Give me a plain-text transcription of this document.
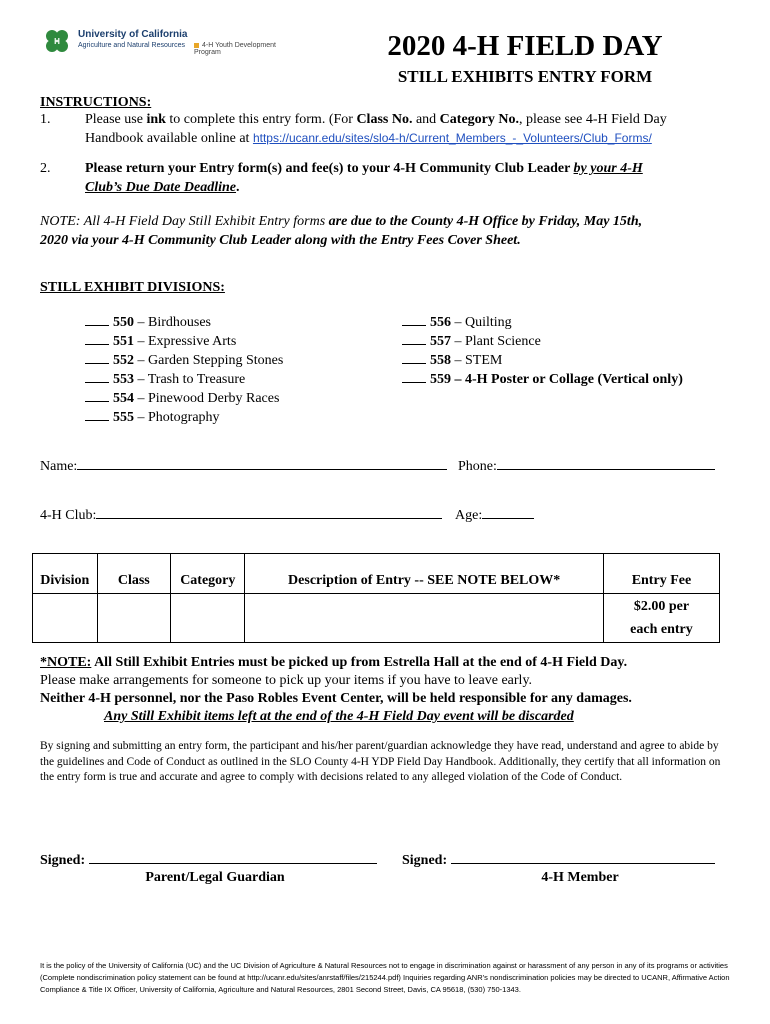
H
University of California
Agriculture and Natural Resources	4-H Youth Development Program	2020 4-H FIELD DAY
STILL EXHIBITS ENTRY FORM
INSTRUCTIONS:
1. Please use ink to complete this entry form. (For Class No. and Category No., please see 4-H Field Day
Handbook available online at https://ucanr.edu/sites/slo4-h/Current_Members_-_Volunteers/Club_Forms/
2. Please return your Entry form(s) and fee(s) to your 4-H Community Club Leader by your 4-H
Club’s Due Date Deadline.
NOTE: All 4-H Field Day Still Exhibit Entry forms are due to the County 4-H Office by Friday, May 15th,
2020 via your 4-H Community Club Leader along with the Entry Fees Cover Sheet.
STILL EXHIBIT DIVISIONS:
550 – Birdhouses
551 – Expressive Arts
552 – Garden Stepping Stones
553 – Trash to Treasure
554 – Pinewood Derby Races
555 – Photography
556 – Quilting
557 – Plant Science
558 – STEM
559 – 4-H Poster or Collage (Vertical only)
Name:	Phone:
4-H Club:	Age:
Division	Class	Category	Description of Entry -- SEE NOTE BELOW*	Entry Fee
				$2.00 per
each entry
*NOTE: All Still Exhibit Entries must be picked up from Estrella Hall at the end of 4-H Field Day.
Please make arrangements for someone to pick up your items if you have to leave early.
Neither 4-H personnel, nor the Paso Robles Event Center, will be held responsible for any damages.
Any Still Exhibit items left at the end of the 4-H Field Day event will be discarded
By signing and submitting an entry form, the participant and his/her parent/guardian acknowledge they have read, understand and agree to abide by the guidelines and Code of Conduct as outlined in the SLO County 4-H YDP Field Day Handbook. Additionally, they certify that all information on the entry form is true and accurate and agree to comply with decisions related to any alleged violation of the Code of Conduct.
Signed:
Parent/Legal Guardian
Signed:
4-H Member
It is the policy of the University of California (UC) and the UC Division of Agriculture & Natural Resources not to engage in discrimination against or harassment of any person in any of its programs or activities (Complete nondiscrimination policy statement can be found at http://ucanr.edu/sites/anrstaff/files/215244.pdf) Inquiries regarding ANR’s nondiscrimination policies may be directed to UCANR, Affirmative Action Compliance & Title IX Officer, University of California, Agriculture and Natural Resources, 2801 Second Street, Davis, CA 95618, (530) 750-1343.
